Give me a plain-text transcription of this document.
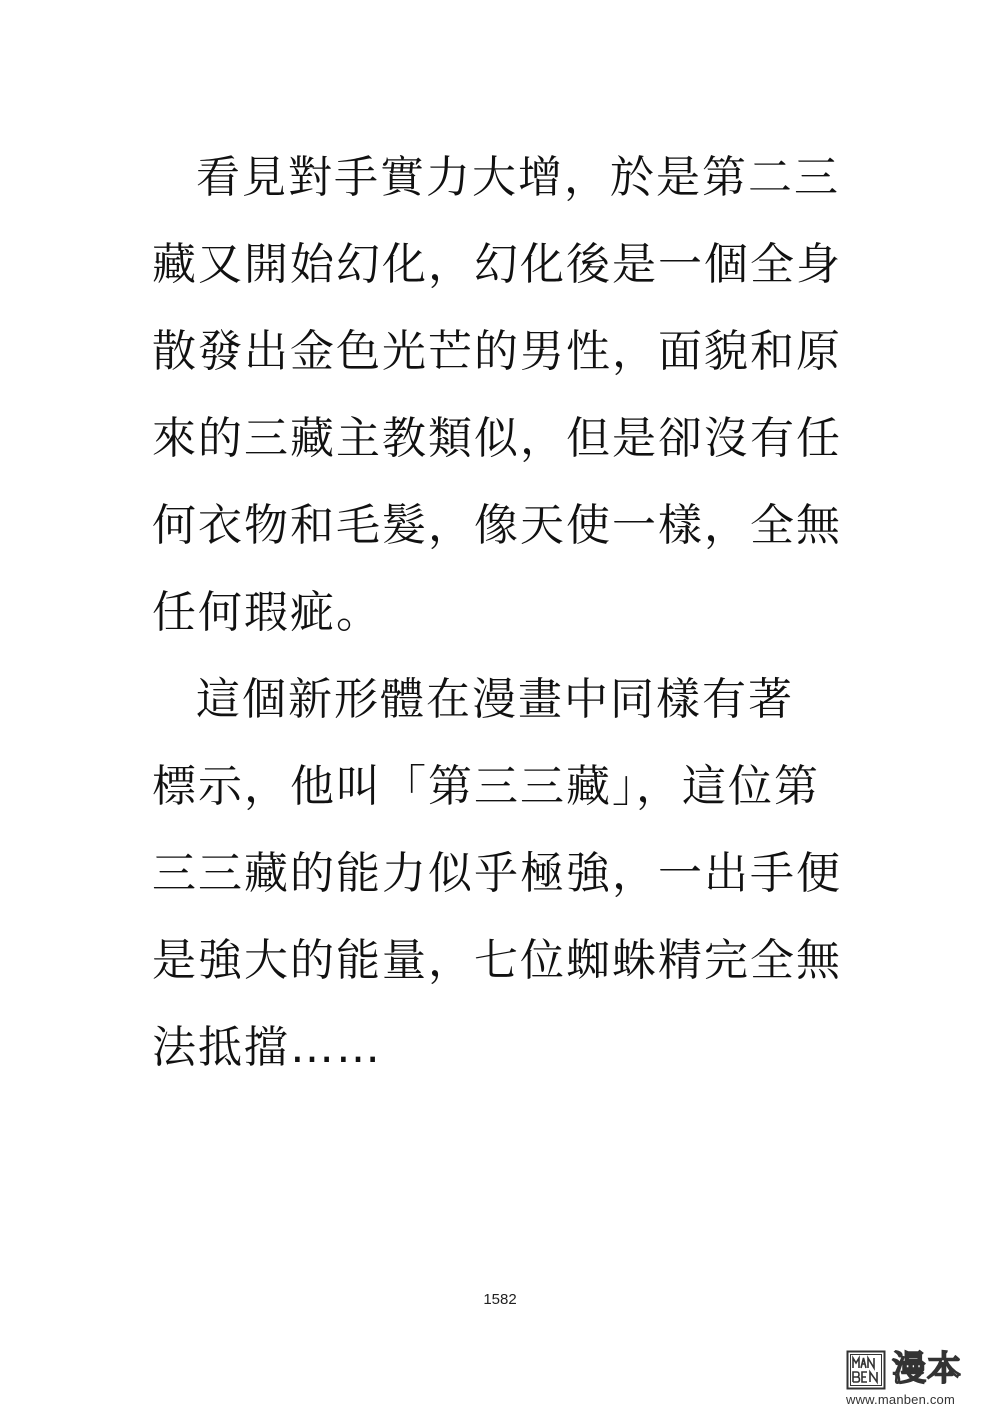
看見對手實力大增，於是第二三
藏又開始幻化，幻化後是一個全身
散發出金色光芒的男性，面貌和原
來的三藏主教類似，但是卻沒有任
何衣物和毛髮，像天使一樣，全無
任何瑕疵。
這個新形體在漫畫中同樣有著
標示，他叫「第三三藏」，這位第
三三藏的能力似乎極強，一出手便
是強大的能量，七位蜘蛛精完全無
法抵擋……
1582
漫本
www.manben.com
